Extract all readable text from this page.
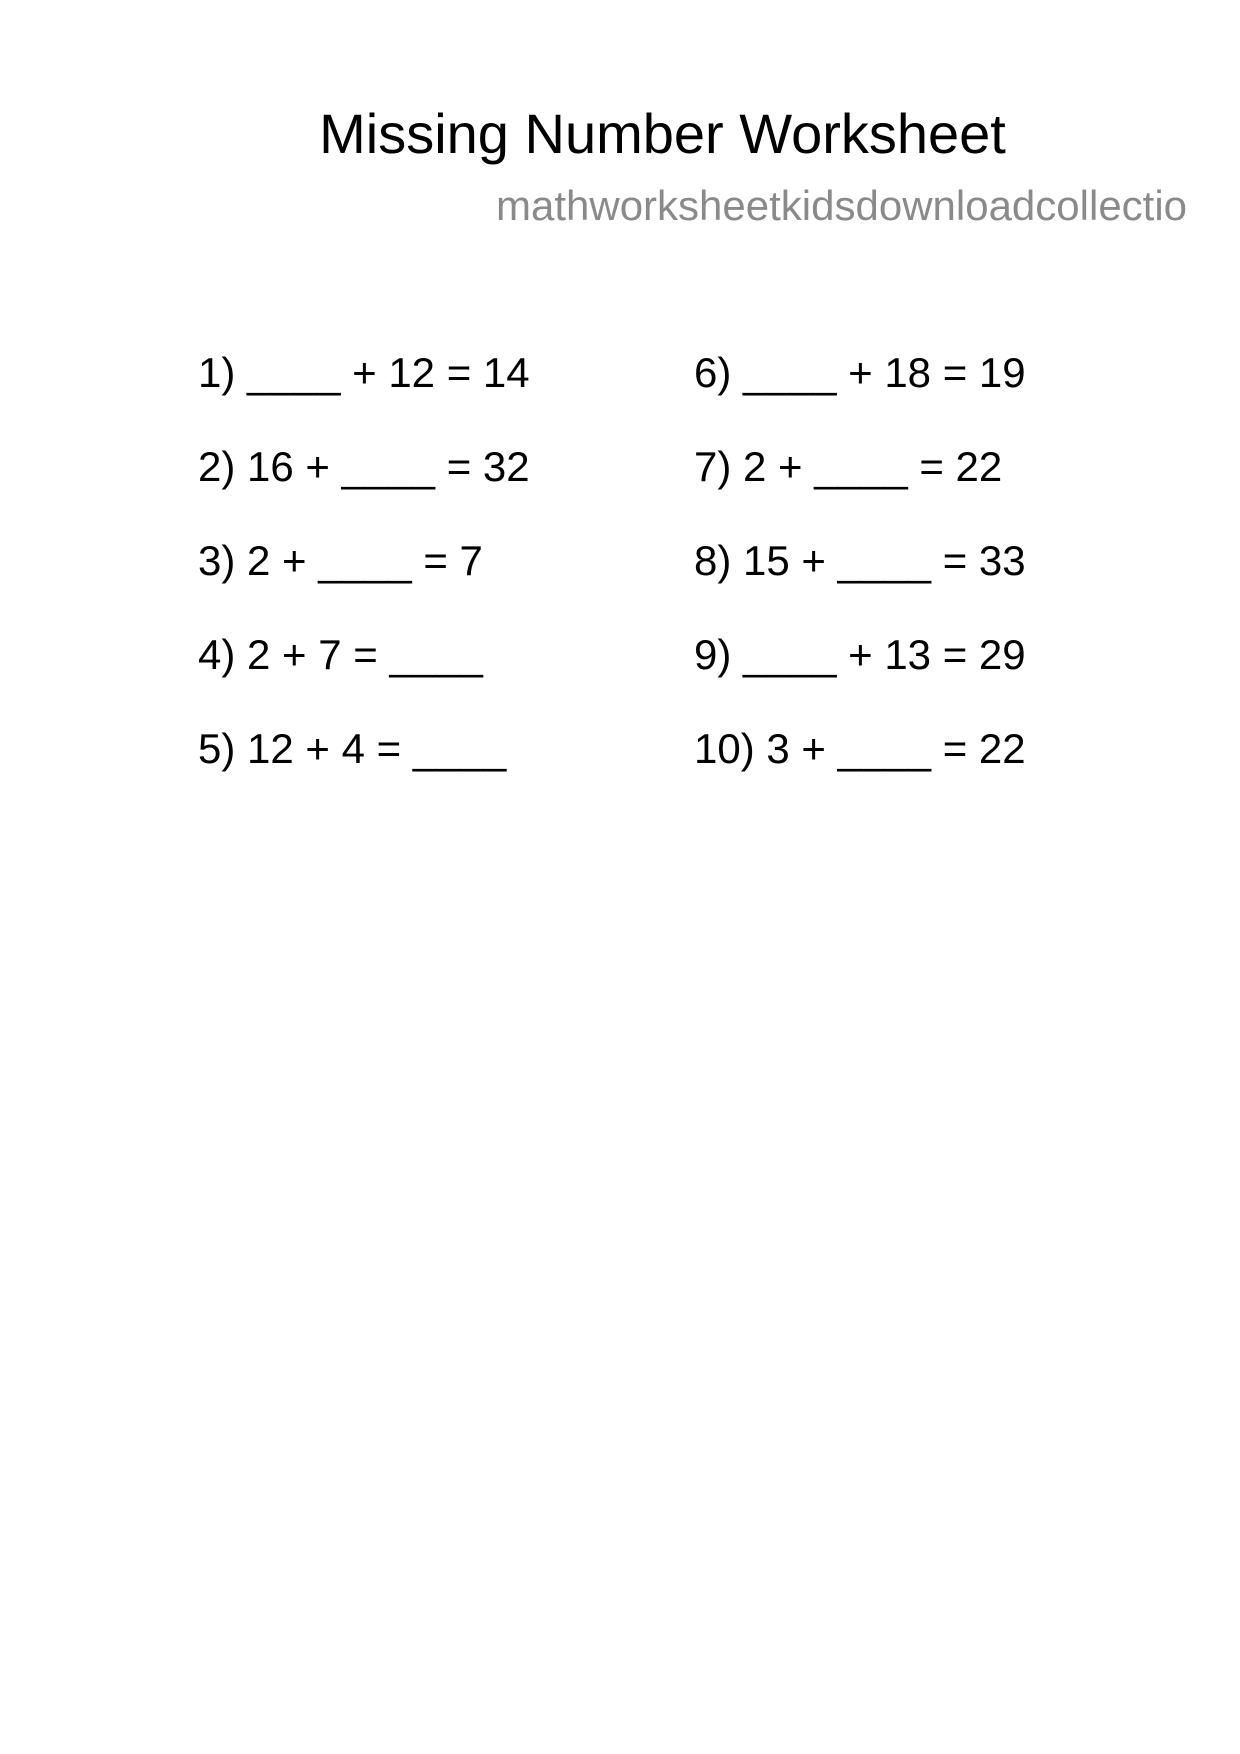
Missing Number Worksheet
mathworksheetkidsdownloadcollectio
1) ____ + 12 = 14
2) 16 + ____ = 32
3) 2 + ____ = 7
4) 2 + 7 = ____
5) 12 + 4 = ____
6) ____ + 18 = 19
7) 2 + ____ = 22
8) 15 + ____ = 33
9) ____ + 13 = 29
10) 3 + ____ = 22
